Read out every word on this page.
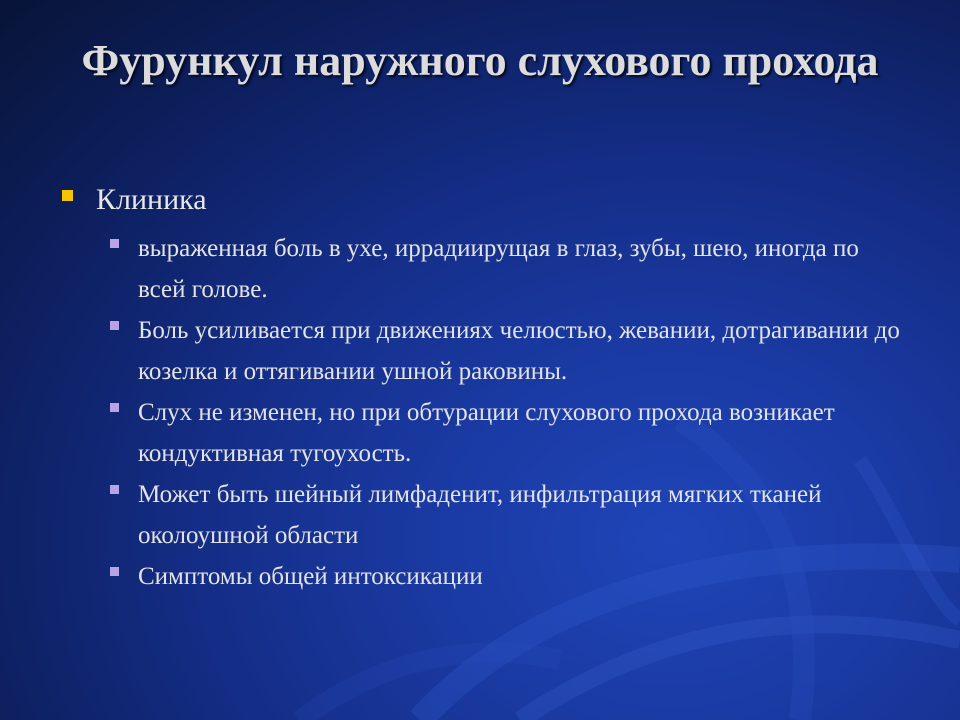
Фурункул наружного слухового прохода
Клиника
выраженная боль в ухе, иррадиирущая в глаз, зубы, шею, иногда по всей голове.
Боль усиливается при движениях челюстью, жевании, дотрагивании до козелка и оттягивании ушной раковины.
Слух не изменен, но при обтурации слухового прохода возникает кондуктивная тугоухость.
Может быть шейный лимфаденит, инфильтрация мягких тканей околоушной области
Симптомы общей интоксикации
